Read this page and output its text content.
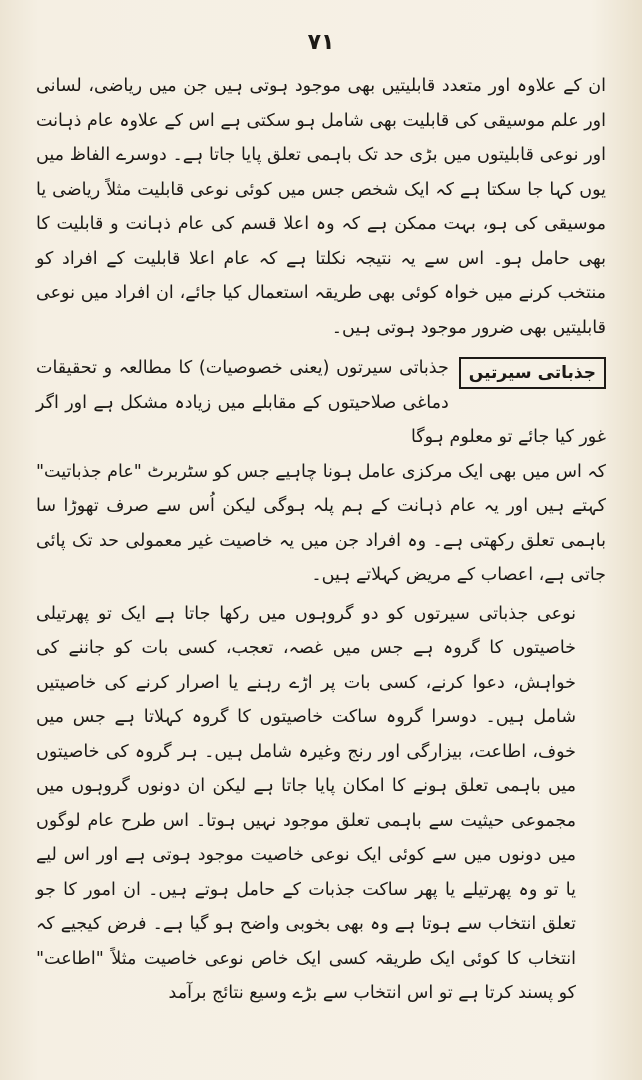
۷۱

ان کے علاوہ اور متعدد قابلیتیں بھی موجود ہوتی ہیں جن میں ریاضی، لسانی اور علم موسیقی کی قابلیت بھی شامل ہو سکتی ہے اس کے علاوہ عام ذہانت اور نوعی قابلیتوں میں بڑی حد تک باہمی تعلق پایا جاتا ہے۔ دوسرے الفاظ میں یوں کہا جا سکتا ہے کہ ایک شخص جس میں کوئی نوعی قابلیت مثلاً ریاضی یا موسیقی کی ہو، بہت ممکن ہے کہ وہ اعلا قسم کی عام ذہانت و قابلیت کا بھی حامل ہو۔ اس سے یہ نتیجہ نکلتا ہے کہ عام اعلا قابلیت کے افراد کو منتخب کرنے میں خواہ کوئی بھی طریقہ استعمال کیا جائے، ان افراد میں نوعی قابلیتیں بھی ضرور موجود ہوتی ہیں۔

جذباتی سیرتیں
جذباتی سیرتوں (یعنی خصوصیات) کا مطالعہ و تحقیقات دماغی صلاحیتوں کے مقابلے میں زیادہ مشکل ہے اور اگر غور کیا جائے تو معلوم ہوگا

کہ اس میں بھی ایک مرکزی عامل ہونا چاہیے جس کو سٹربرٹ "عام جذباتیت" کہتے ہیں اور یہ عام ذہانت کے ہم پلہ ہوگی لیکن اُس سے صرف تھوڑا سا باہمی تعلق رکھتی ہے۔ وہ افراد جن میں یہ خاصیت غیر معمولی حد تک پائی جاتی ہے، اعصاب کے مریض کہلاتے ہیں۔

نوعی جذباتی سیرتوں کو دو گروہوں میں رکھا جاتا ہے ایک تو پھرتیلی خاصیتوں کا گروہ ہے جس میں غصہ، تعجب، کسی بات کو جاننے کی خواہش، دعوا کرنے، کسی بات پر اڑے رہنے یا اصرار کرنے کی خاصیتیں شامل ہیں۔ دوسرا گروہ ساکت خاصیتوں کا گروہ کہلاتا ہے جس میں خوف، اطاعت، بیزارگی اور رنج وغیرہ شامل ہیں۔ ہر گروہ کی خاصیتوں میں باہمی تعلق ہونے کا امکان پایا جاتا ہے لیکن ان دونوں گروہوں میں مجموعی حیثیت سے باہمی تعلق موجود نہیں ہوتا۔ اس طرح عام لوگوں میں دونوں میں سے کوئی ایک نوعی خاصیت موجود ہوتی ہے اور اس لیے یا تو وہ پھرتیلے یا پھر ساکت جذبات کے حامل ہوتے ہیں۔ ان امور کا جو تعلق انتخاب سے ہوتا ہے وہ بھی بخوبی واضح ہو گیا ہے۔ فرض کیجیے کہ انتخاب کا کوئی ایک طریقہ کسی ایک خاص نوعی خاصیت مثلاً "اطاعت" کو پسند کرتا ہے تو اس انتخاب سے بڑے وسیع نتائج برآمد
